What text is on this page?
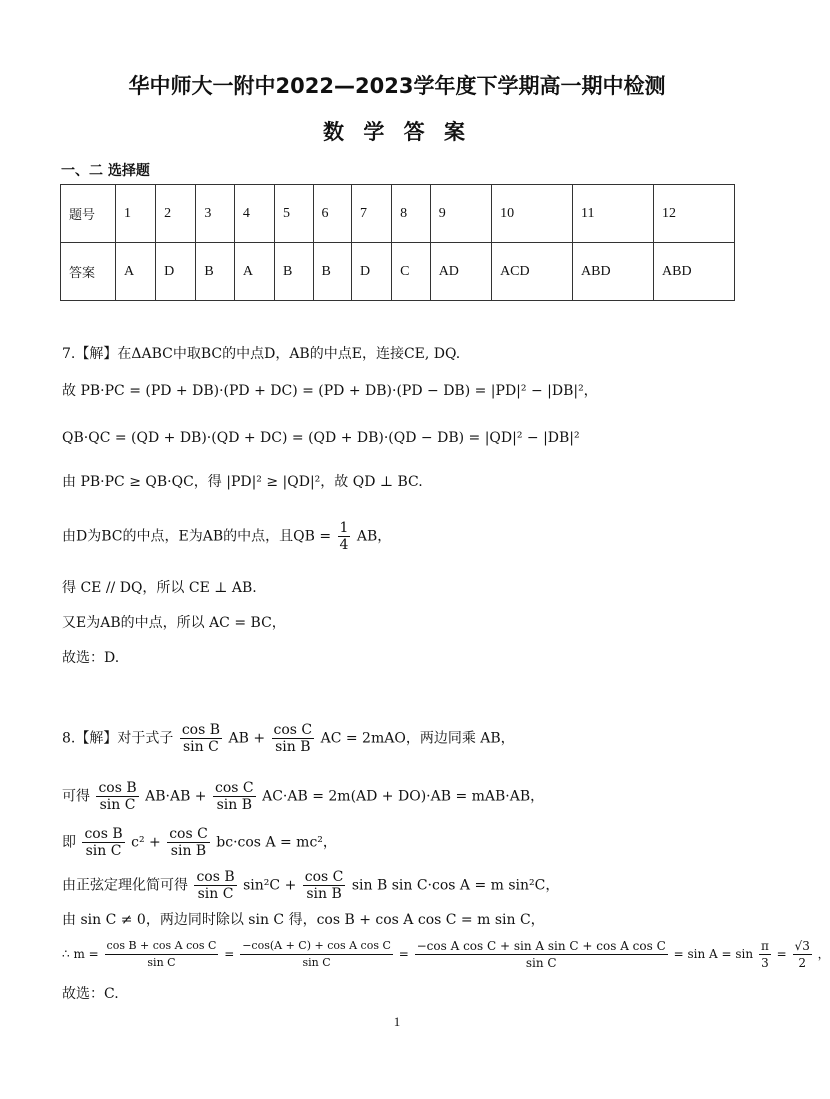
华中师大一附中2022—2023学年度下学期高一期中检测
数 学 答 案
一、二 选择题
题号	1	2	3	4	5	6	7	8	9	10	11	12
答案	A	D	B	A	B	B	D	C	AD	ACD	ABD	ABD
7.【解】在ΔABC中取BC的中点D，AB的中点E，连接CE, DQ.
故 PB·PC = (PD + DB)·(PD + DC) = (PD + DB)·(PD − DB) = |PD|² − |DB|²，
QB·QC = (QD + DB)·(QD + DC) = (QD + DB)·(QD − DB) = |QD|² − |DB|²
由 PB·PC ≥ QB·QC，得 |PD|² ≥ |QD|²，故 QD ⊥ BC.
由D为BC的中点，E为AB的中点，且QB = $\frac{1}{4}$ AB，
得 CE // DQ，所以 CE ⊥ AB.
又E为AB的中点，所以 AC = BC，
故选：D.
8.【解】对于式子 $\frac{\text{cos B}}{\text{sin C}}$ AB + $\frac{\text{cos C}}{\text{sin B}}$ AC = 2mAO，两边同乘 AB，
可得 $\frac{\text{cos B}}{\text{sin C}} AB\cdot AB + \frac{\text{cos C}}{\text{sin B}} AC\cdot AB = 2m(AD + DO)\cdot AB = mAB\cdot AB$，
即 $\frac{\text{cos B}}{\text{sin C}} c^2 + \frac{\text{cos C}}{\text{sin B}} bc\cdot\cos$ A = mc²，
由正弦定理化简可得 $\frac{\text{cos B}}{\text{sin C}} \sin^2C + \frac{\text{cos C}}{\text{sin B}}$ sin B sin C·cos A = m sin²C，
由 sin C ≠ 0，两边同时除以 sin C 得，cos B + cos A cos C = m sin C，
∴ $m = \frac{\text{cos B + cos A cos C}}{\text{sin C}} = \frac{\text{−cos(A + C) + cos A cos C}}{\text{sin C}} = \frac{\text{−cos A cos C + sin A sin C + cos A cos C}}{\text{sin C}} = \sin A = \sin \frac{\pi}{3} = \frac{√3}{2}$ ，
故选：C.
1
